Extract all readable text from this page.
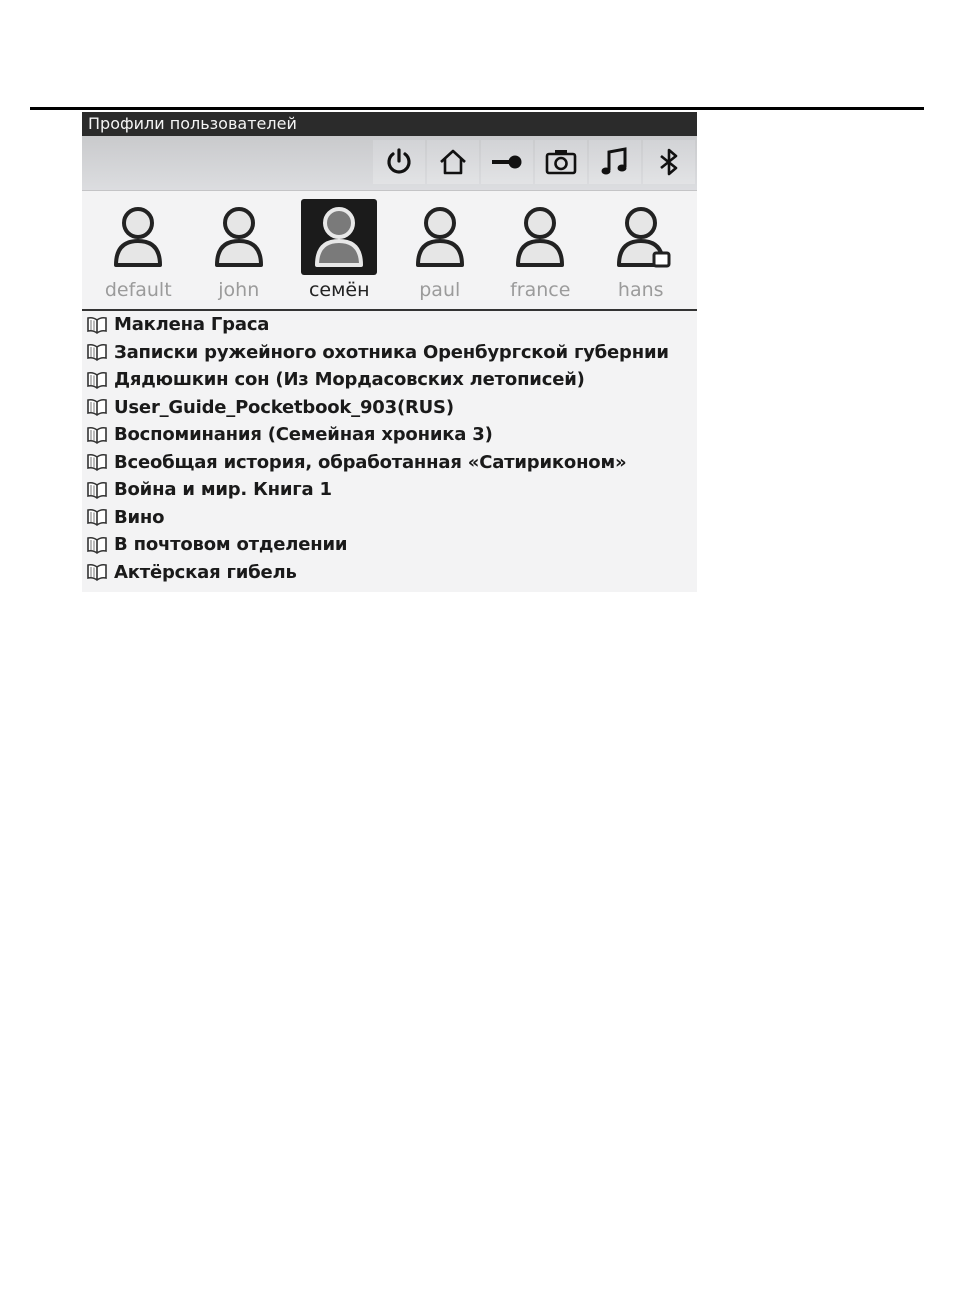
Профили пользователей
default john	семён	paul	france	hans
Маклена Граса
Записки ружейного охотника Оренбургской губернии
Дядюшкин сон (Из Мордасовских летописей)
User_Guide_Pocketbook_903(RUS)
Воспоминания (Семейная хроника 3)
Всеобщая история, обработанная «Сатириконом»
Война и мир. Книга 1
Вино
В почтовом отделении
Актёрская гибель
